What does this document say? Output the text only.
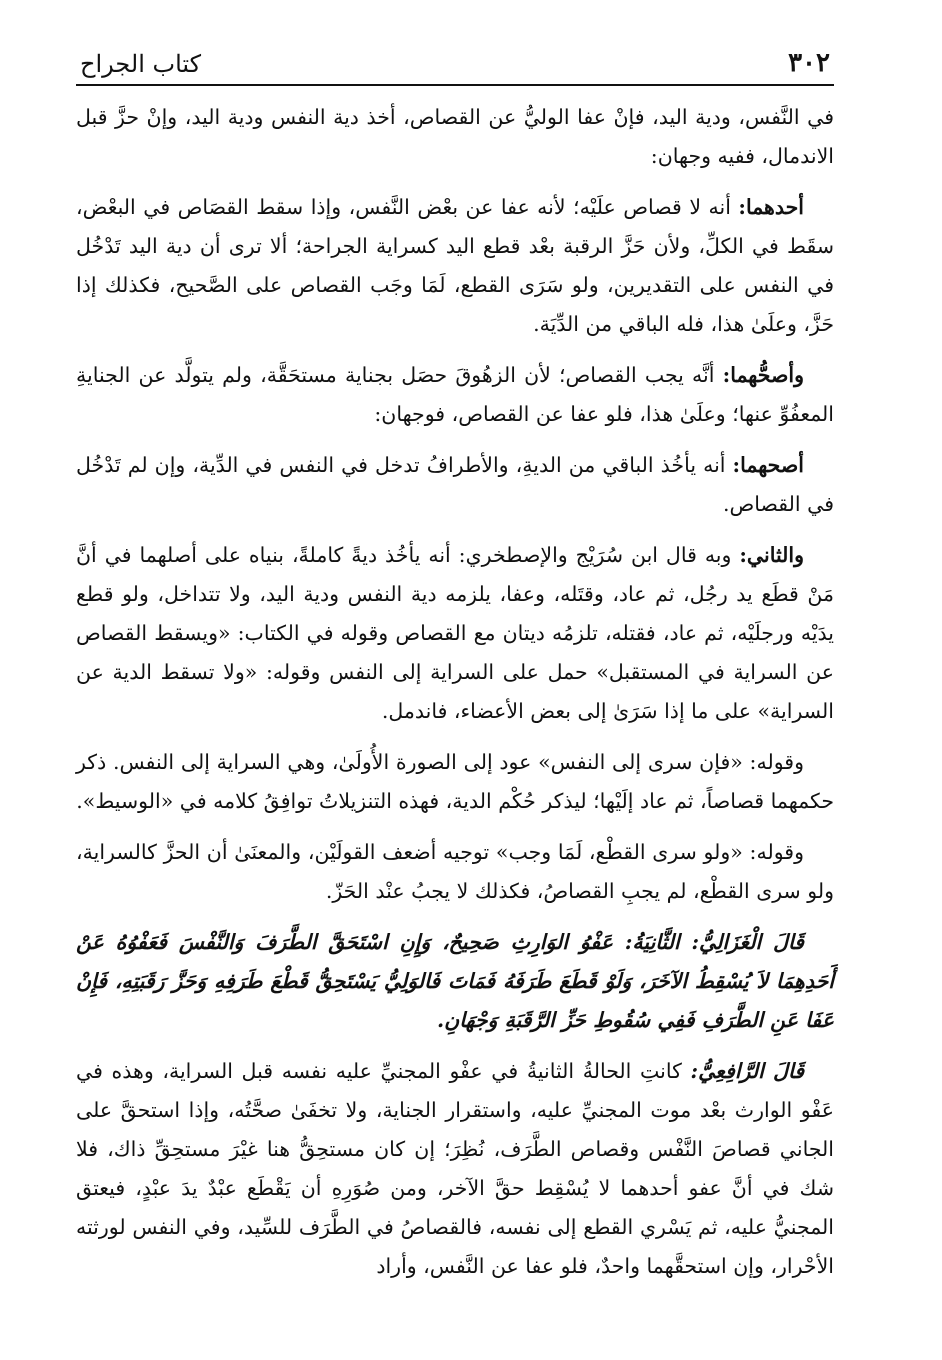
٣٠٢
كتاب الجراح

في النَّفس، ودية اليد، فإنْ عفا الوليُّ عن القصاص، أخذ دية النفس ودية اليد، وإنْ حزَّ قبل الاندمال، ففيه وجهان:

أحدهما: أنه لا قصاص علَيْه؛ لأنه عفا عن بعْض النَّفس، وإذا سقط القصَاص في البعْض، سقَط في الكلِّ، ولأن حَزَّ الرقبة بعْد قطع اليد كسراية الجراحة؛ ألا ترى أن دية اليد تَدْخُل في النفس على التقديرين، ولو سَرَى القطع، لَمَا وجَب القصاص على الصَّحيح، فكذلك إذا حَزَّ، وعلَىٰ هذا، فله الباقي من الدِّيَة.

وأصحُّهما: أنَّه يجب القصاص؛ لأن الزهُوقَ حصَل بجناية مستحَقَّة، ولم يتولَّد عن الجنايةِ المعفُوِّ عنها؛ وعلَىٰ هذا، فلو عفا عن القصاص، فوجهان:

أصحهما: أنه يأخُذ الباقي من الديةِ، والأطرافُ تدخل في النفس في الدِّية، وإن لم تَدْخُل في القصاص.

والثاني: وبه قال ابن سُرَيْج والإصطخري: أنه يأخُذ ديةً كاملةً، بنياه على أصلهما في أنَّ مَنْ قطَع يد رجُل، ثم عاد، وقتَله، وعفا، يلزمه دية النفس ودية اليد، ولا تتداخل، ولو قطع يدَيْه ورجلَيْه، ثم عاد، فقتله، تلزمُه ديتان مع القصاص وقوله في الكتاب: «ويسقط القصاص عن السراية في المستقبل» حمل على السراية إلى النفس وقوله: «ولا تسقط الدية عن السراية» على ما إذا سَرَىٰ إلى بعض الأعضاء، فاندمل.

وقوله: «فإن سرى إلى النفس» عود إلى الصورة الأُولَىٰ، وهي السراية إلى النفس. ذكر حكمهما قصاصاً، ثم عاد إلَيْها؛ ليذكر حُكْم الدية، فهذه التنزيلاتُ توافِقُ كلامه في «الوسيط».

وقوله: «ولو سرى القطْع، لَمَا وجب» توجيه أضعف القولَيْن، والمعنَىٰ أن الحزَّ كالسراية، ولو سرى القطْع، لم يجبِ القصاصُ، فكذلك لا يجبُ عنْد الحَزّ.

قَالَ الْغَزَالِيُّ: الثَّانِيَةُ: عَفْوُ الوَارِثِ صَحِيحٌ، وَإِنِ اسْتَحَقَّ الطَّرَفَ وَالنَّفْسَ فَعَفْوُهُ عَنْ أَحَدِهِمَا لاَ يُسْقِطُ الآخَرَ، وَلَوْ قَطَعَ طَرَفَهُ فَمَاتَ فَالوَلِيُّ يَسْتَحِقُّ قَطْعَ طَرَفِهِ وَحَزَّ رَقَبَتِهِ، فَإِنْ عَفَا عَنِ الطَّرَفِ فَفِي سُقُوطِ حَزِّ الرَّقَبَةِ وَجْهَانِ.

قَالَ الرَّافِعِيُّ: كانتِ الحالةُ الثانيةُ في عفْو المجنيِّ عليه نفسه قبل السراية، وهذه في عَفْو الوارث بعْد موت المجنيِّ عليه، واستقرار الجناية، ولا تخفَىٰ صحَّتُه، وإذا استحقَّ على الجاني قصاصَ النَّفْس وقصاص الطَّرَف، نُظِرَ؛ إن كان مستحِقُّ هنا غيْرَ مستحِقِّ ذاك، فلا شك في أنَّ عفو أحدهما لا يُسْقِط حقَّ الآخر، ومن صُوَرِهِ أن يَقْطَع عبْدٌ يدَ عبْدٍ، فيعتق المجنيُّ عليه، ثم يَسْري القطع إلى نفسه، فالقصاصُ في الطَّرَف للسِّيد، وفي النفس لورثته الأحْرار، وإن استحقَّهما واحدٌ، فلو عفا عن النَّفس، وأراد
